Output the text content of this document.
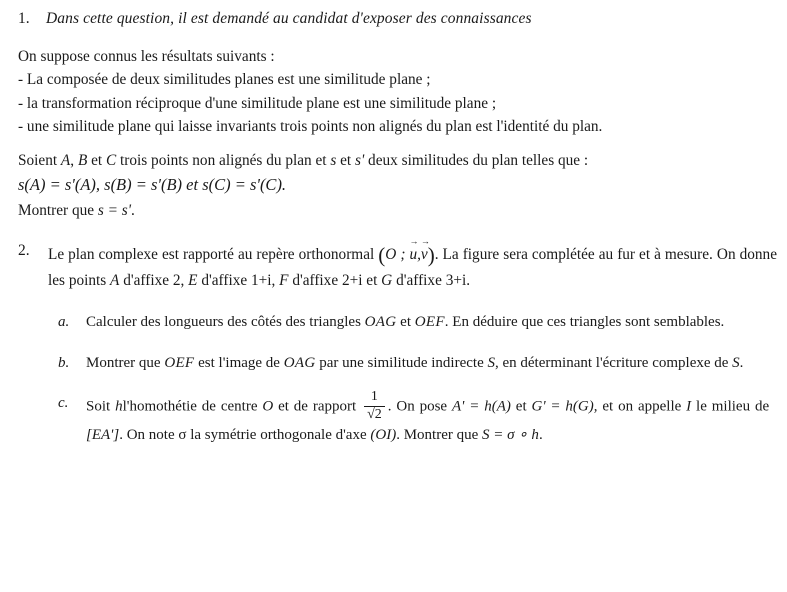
1. Dans cette question, il est demandé au candidat d'exposer des connaissances
On suppose connus les résultats suivants :
- La composée de deux similitudes planes est une similitude plane ;
- la transformation réciproque d'une similitude plane est une similitude plane ;
- une similitude plane qui laisse invariants trois points non alignés du plan est l'identité du plan.
Soient A, B et C trois points non alignés du plan et s et s' deux similitudes du plan telles que :
s(A) = s'(A), s(B) = s'(B) et s(C) = s'(C).
Montrer que s = s'.
2. Le plan complexe est rapporté au repère orthonormal (O ;
→
u,
→
v). La figure sera complétée au fur et à mesure. On donne les points A d'affixe 2, E d'affixe 1+i, F d'affixe 2+i et G d'affixe 3+i.
a. Calculer des longueurs des côtés des triangles OAG et OEF. En déduire que ces triangles sont semblables.
b. Montrer que OEF est l'image de OAG par une similitude indirecte S, en déterminant l'écriture complexe de S.
c. Soit hl'homothétie de centre O et de rapport $\frac{1}{√2}$ . On pose A' = h(A) et G' = h(G), et on appelle I le milieu de [EA']. On note σ la symétrie orthogonale d'axe (OI). Montrer que S = σ ∘ h.
